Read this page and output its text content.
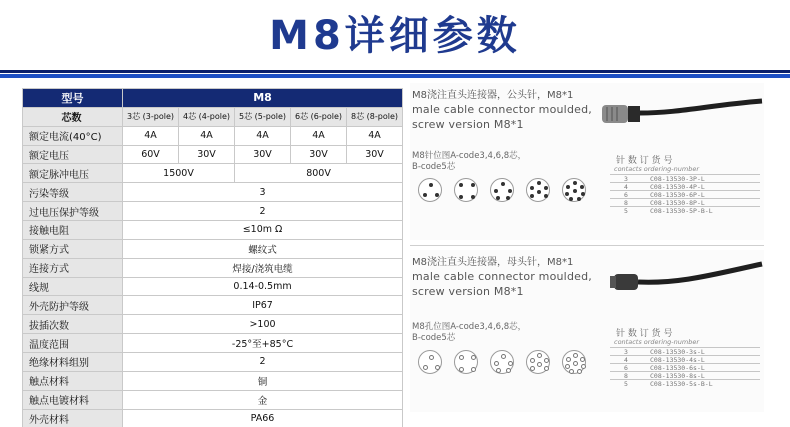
M8详细参数
型号	M8				
芯数	3芯 (3-pole)	4芯 (4-pole)	5芯 (5-pole)	6芯 (6-pole)	8芯 (8-pole)
额定电流(40°C)	4A	4A	4A	4A	4A
额定电压	60V	30V	30V	30V	30V
额定脉冲电压	1500V		800V		
污染等级	3				
过电压保护等级	2				
接触电阻	≤10m Ω				
锁紧方式	螺纹式				
连接方式	焊接/浇筑电缆				
线规	0.14-0.5mm				
外壳防护等级	IP67				
拔插次数	>100				
温度范围	-25°至+85°C				
绝缘材料组别	2				
触点材料	铜				
触点电镀材料	金				
外壳材料	PA66				
M8浇注直头连接器，公头针，M8*1
male cable connector moulded,
screw version M8*1
M8针位图A-code3,4,6,8芯，
B-code5芯
针 数 订 货 号
contacts ordering-number
3	C08-13530-3P-L
4	C08-13530-4P-L
6	C08-13530-6P-L
8	C08-13530-8P-L
5	C08-13530-5P-B-L
M8浇注直头连接器，母头针，M8*1
male cable connector moulded,
screw version M8*1
M8孔位图A-code3,4,6,8芯，
B-code5芯	针 数 订 货 号
contacts ordering-number
3	C08-13530-3s-L
4	C08-13530-4s-L
6	C08-13530-6s-L
8	C08-13530-8s-L
5	C08-13530-5s-B-L
